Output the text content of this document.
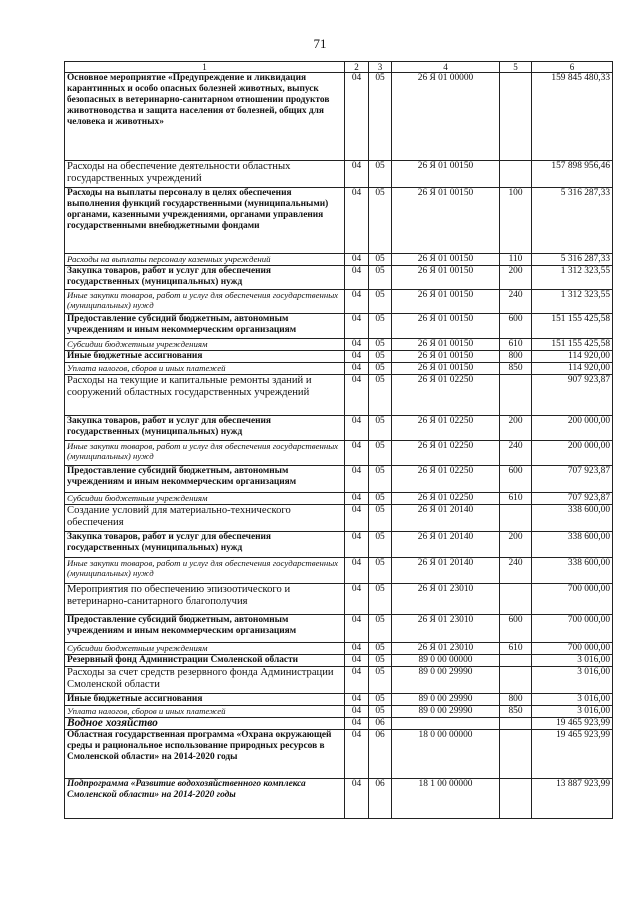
71
1	2	3	4	5	6
Основное мероприятие «Предупреждение и ликвидация карантинных и особо опасных болезней животных, выпуск безопасных в ветеринарно-санитарном отношении продуктов животноводства и защита населения от болезней, общих для человека и животных»	04	05	26 Я 01 00000		159 845 480,33
Расходы на обеспечение деятельности областных государственных учреждений	04	05	26 Я 01 00150		157 898 956,46
Расходы на выплаты персоналу в целях обеспечения выполнения функций государственными (муниципальными) органами, казенными учреждениями, органами управления государственными внебюджетными фондами	04	05	26 Я 01 00150	100	5 316 287,33
Расходы на выплаты персоналу казенных учреждений	04	05	26 Я 01 00150	110	5 316 287,33
Закупка товаров, работ и услуг для обеспечения государственных (муниципальных) нужд	04	05	26 Я 01 00150	200	1 312 323,55
Иные закупки товаров, работ и услуг для обеспечения государственных (муниципальных) нужд	04	05	26 Я 01 00150	240	1 312 323,55
Предоставление субсидий бюджетным, автономным учреждениям и иным некоммерческим организациям	04	05	26 Я 01 00150	600	151 155 425,58
Субсидии бюджетным учреждениям	04	05	26 Я 01 00150	610	151 155 425,58
Иные бюджетные ассигнования	04	05	26 Я 01 00150	800	114 920,00
Уплата налогов, сборов и иных платежей	04	05	26 Я 01 00150	850	114 920,00
Расходы на текущие и капитальные ремонты зданий и сооружений областных государственных учреждений	04	05	26 Я 01 02250		907 923,87
Закупка товаров, работ и услуг для обеспечения государственных (муниципальных) нужд	04	05	26 Я 01 02250	200	200 000,00
Иные закупки товаров, работ и услуг для обеспечения государственных (муниципальных) нужд	04	05	26 Я 01 02250	240	200 000,00
Предоставление субсидий бюджетным, автономным учреждениям и иным некоммерческим организациям	04	05	26 Я 01 02250	600	707 923,87
Субсидии бюджетным учреждениям	04	05	26 Я 01 02250	610	707 923,87
Создание условий для материально-технического обеспечения	04	05	26 Я 01 20140		338 600,00
Закупка товаров, работ и услуг для обеспечения государственных (муниципальных) нужд	04	05	26 Я 01 20140	200	338 600,00
Иные закупки товаров, работ и услуг для обеспечения государственных (муниципальных) нужд	04	05	26 Я 01 20140	240	338 600,00
Мероприятия по обеспечению эпизоотического и ветеринарно-санитарного благополучия	04	05	26 Я 01 23010		700 000,00
Предоставление субсидий бюджетным, автономным учреждениям и иным некоммерческим организациям	04	05	26 Я 01 23010	600	700 000,00
Субсидии бюджетным учреждениям	04	05	26 Я 01 23010	610	700 000,00
Резервный фонд Администрации Смоленской области	04	05	89 0 00 00000		3 016,00
Расходы за счет средств резервного фонда Администрации Смоленской области	04	05	89 0 00 29990		3 016,00
Иные бюджетные ассигнования	04	05	89 0 00 29990	800	3 016,00
Уплата налогов, сборов и иных платежей	04	05	89 0 00 29990	850	3 016,00
Водное хозяйство	04	06			19 465 923,99
Областная государственная программа «Охрана окружающей среды и рациональное использование природных ресурсов в Смоленской области» на 2014-2020 годы	04	06	18 0 00 00000		19 465 923,99
Подпрограмма «Развитие водохозяйственного комплекса Смоленской области» на 2014-2020 годы	04	06	18 1 00 00000		13 887 923,99
